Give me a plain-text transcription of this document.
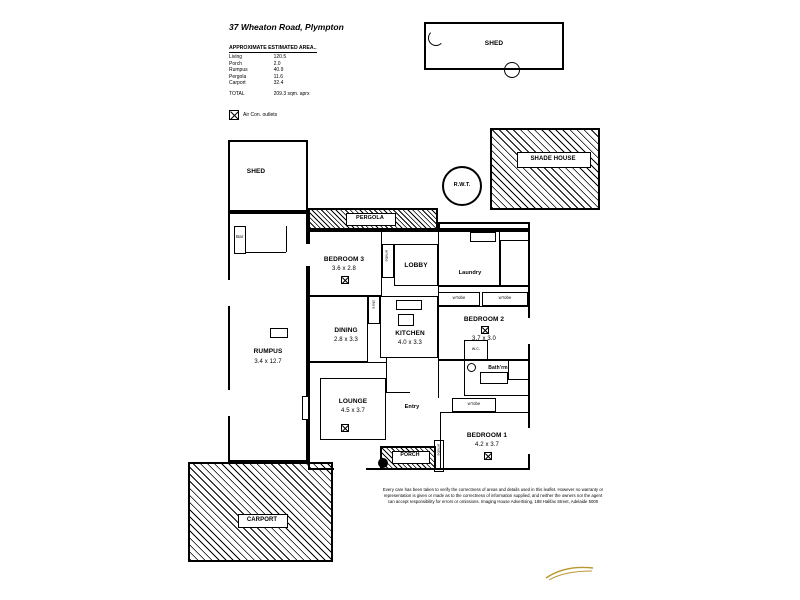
37 Wheaton Road, Plympton
APPROXIMATE ESTIMATED AREA..
Living	120.5
Porch	2.0
Rumpus	40.9
Pergola	11.6
Carport	32.4
TOTAL	209.3 sqm. aprx
Air Con. outlets
SHED
SHADE HOUSE
SHED
R.W.T.
CARPORT
RUMPUS
3.4 x 12.7
Bar
PERGOLA
BEDROOM 3
3.6 x 2.8
w'robe
LOBBY
Laundry
w'robe	w'robe
BEDROOM 2
3.7 x 3.0
Bath'rm
w.c.
w'robe
BEDROOM 1
4.2 x 3.7
w'robe
KITCHEN
4.0 x 3.3
store
DINING
2.8 x 3.3
LOUNGE
4.5 x 3.7
Entry
PORCH
Every care has been taken to verify the correctness of areas and details used in this leaflet. However no warranty or representation is given or made as to the correctness of information supplied, and neither the owners nor the agent can accept responsibility for errors or omissions. Imaging House Advertising, 188 Halifax Street, Adelaide 5000
